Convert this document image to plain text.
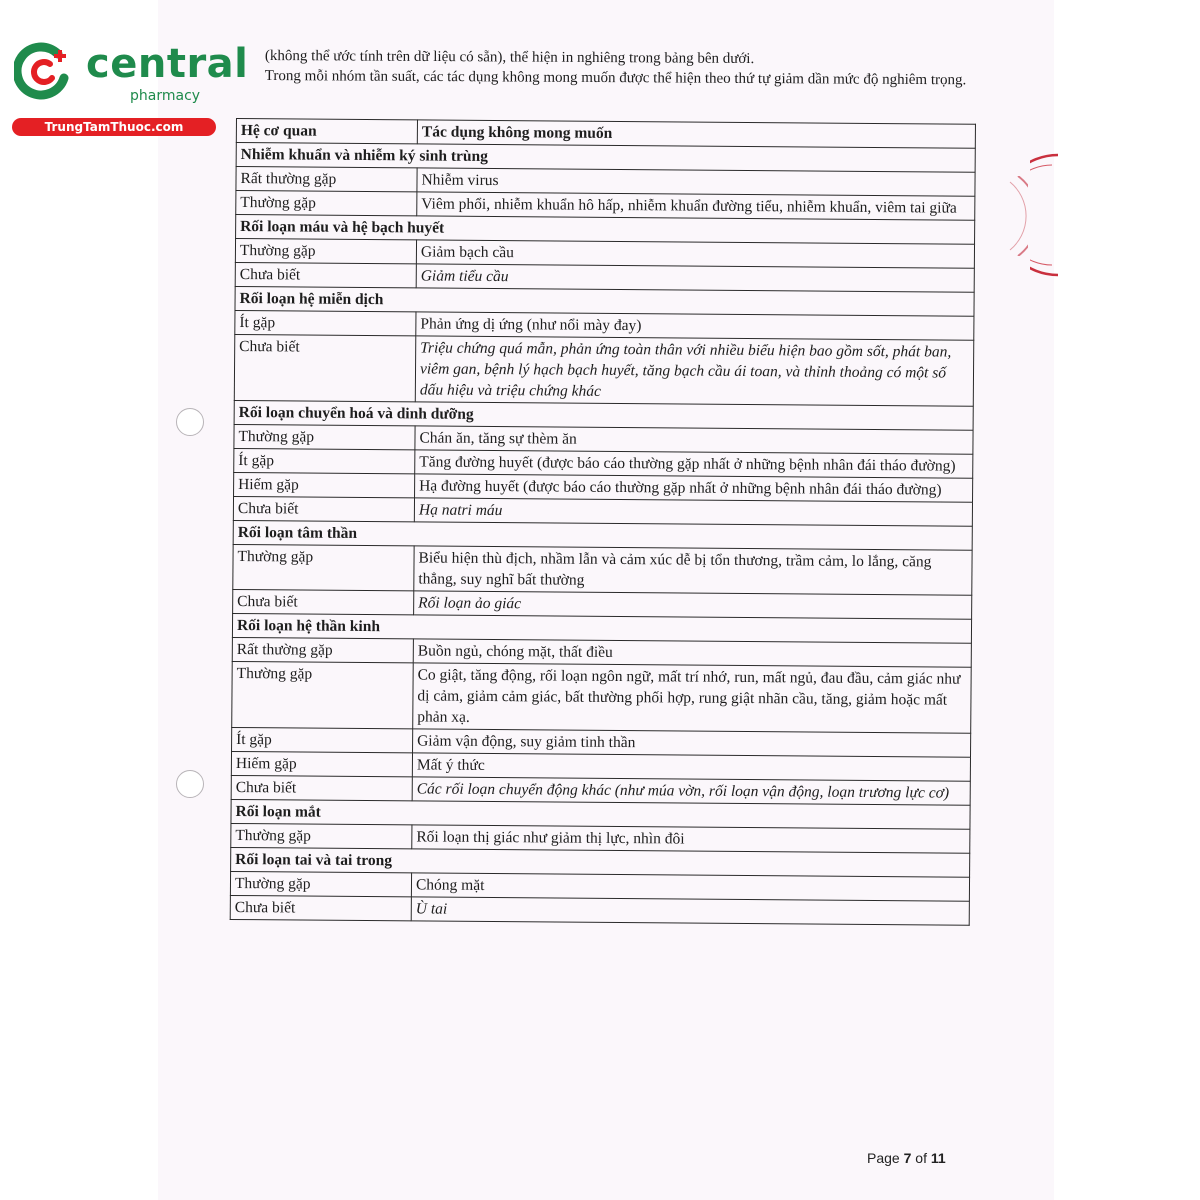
central
pharmacy
TrungTamThuoc.com

(không thể ước tính trên dữ liệu có sẵn), thể hiện in nghiêng trong bảng bên dưới.

Trong mỗi nhóm tần suất, các tác dụng không mong muốn được thể hiện theo thứ tự giảm dần mức độ nghiêm trọng.

Hệ cơ quan	Tác dụng không mong muốn
Nhiễm khuẩn và nhiễm ký sinh trùng	
Rất thường gặp	Nhiễm virus
Thường gặp	Viêm phổi, nhiễm khuẩn hô hấp, nhiễm khuẩn đường tiểu, nhiễm khuẩn, viêm tai giữa
Rối loạn máu và hệ bạch huyết	
Thường gặp	Giảm bạch cầu
Chưa biết	Giảm tiểu cầu
Rối loạn hệ miễn dịch	
Ít gặp	Phản ứng dị ứng (như nổi mày đay)
Chưa biết	Triệu chứng quá mẫn, phản ứng toàn thân với nhiều biểu hiện bao gồm sốt, phát ban, viêm gan, bệnh lý hạch bạch huyết, tăng bạch cầu ái toan, và thỉnh thoảng có một số dấu hiệu và triệu chứng khác
Rối loạn chuyển hoá và dinh dưỡng	
Thường gặp	Chán ăn, tăng sự thèm ăn
Ít gặp	Tăng đường huyết (được báo cáo thường gặp nhất ở những bệnh nhân đái tháo đường)
Hiếm gặp	Hạ đường huyết (được báo cáo thường gặp nhất ở những bệnh nhân đái tháo đường)
Chưa biết	Hạ natri máu
Rối loạn tâm thần	
Thường gặp	Biểu hiện thù địch, nhầm lẫn và cảm xúc dễ bị tổn thương, trầm cảm, lo lắng, căng thẳng, suy nghĩ bất thường
Chưa biết	Rối loạn ảo giác
Rối loạn hệ thần kinh	
Rất thường gặp	Buồn ngủ, chóng mặt, thất điều
Thường gặp	Co giật, tăng động, rối loạn ngôn ngữ, mất trí nhớ, run, mất ngủ, đau đầu, cảm giác như dị cảm, giảm cảm giác, bất thường phối hợp, rung giật nhãn cầu, tăng, giảm hoặc mất phản xạ.
Ít gặp	Giảm vận động, suy giảm tinh thần
Hiếm gặp	Mất ý thức
Chưa biết	Các rối loạn chuyển động khác (như múa vờn, rối loạn vận động, loạn trương lực cơ)
Rối loạn mắt	
Thường gặp	Rối loạn thị giác như giảm thị lực, nhìn đôi
Rối loạn tai và tai trong	
Thường gặp	Chóng mặt
Chưa biết	Ù tai
Page 7 of 11
